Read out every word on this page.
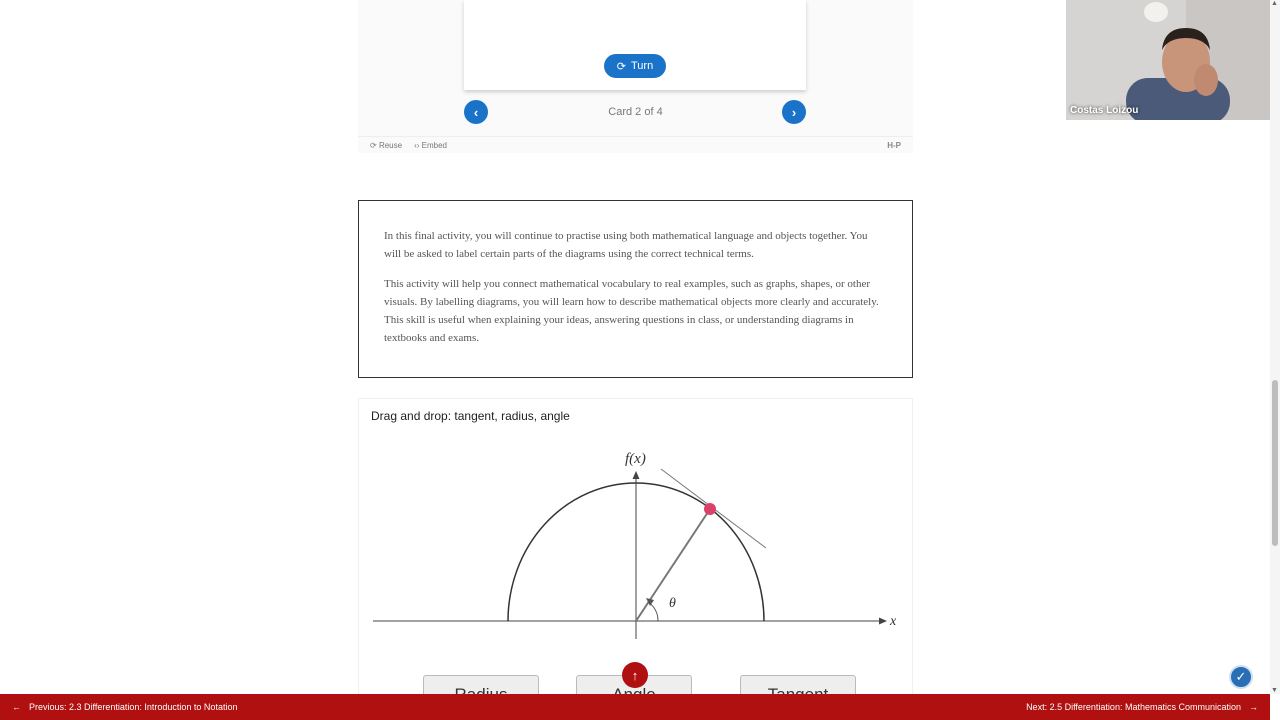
⟳ Turn
‹	Card 2 of 4	›
⟳ Reuse ‹› Embed	H-P

In this final activity, you will continue to practise using both mathematical language and objects together. You will be asked to label certain parts of the diagrams using the correct technical terms.

This activity will help you connect mathematical vocabulary to real examples, such as graphs, shapes, or other visuals. By labelling diagrams, you will learn how to describe mathematical objects more clearly and accurately. This skill is useful when explaining your ideas, answering questions in class, or understanding diagrams in textbooks and exams.

Drag and drop: tangent, radius, angle
f(x)
x
θ
← Previous: 2.3 Differentiation: Introduction to Notation	Next: 2.5 Differentiation: Mathematics Communication →
↑
Costas Loizou
▲
▼
✓
